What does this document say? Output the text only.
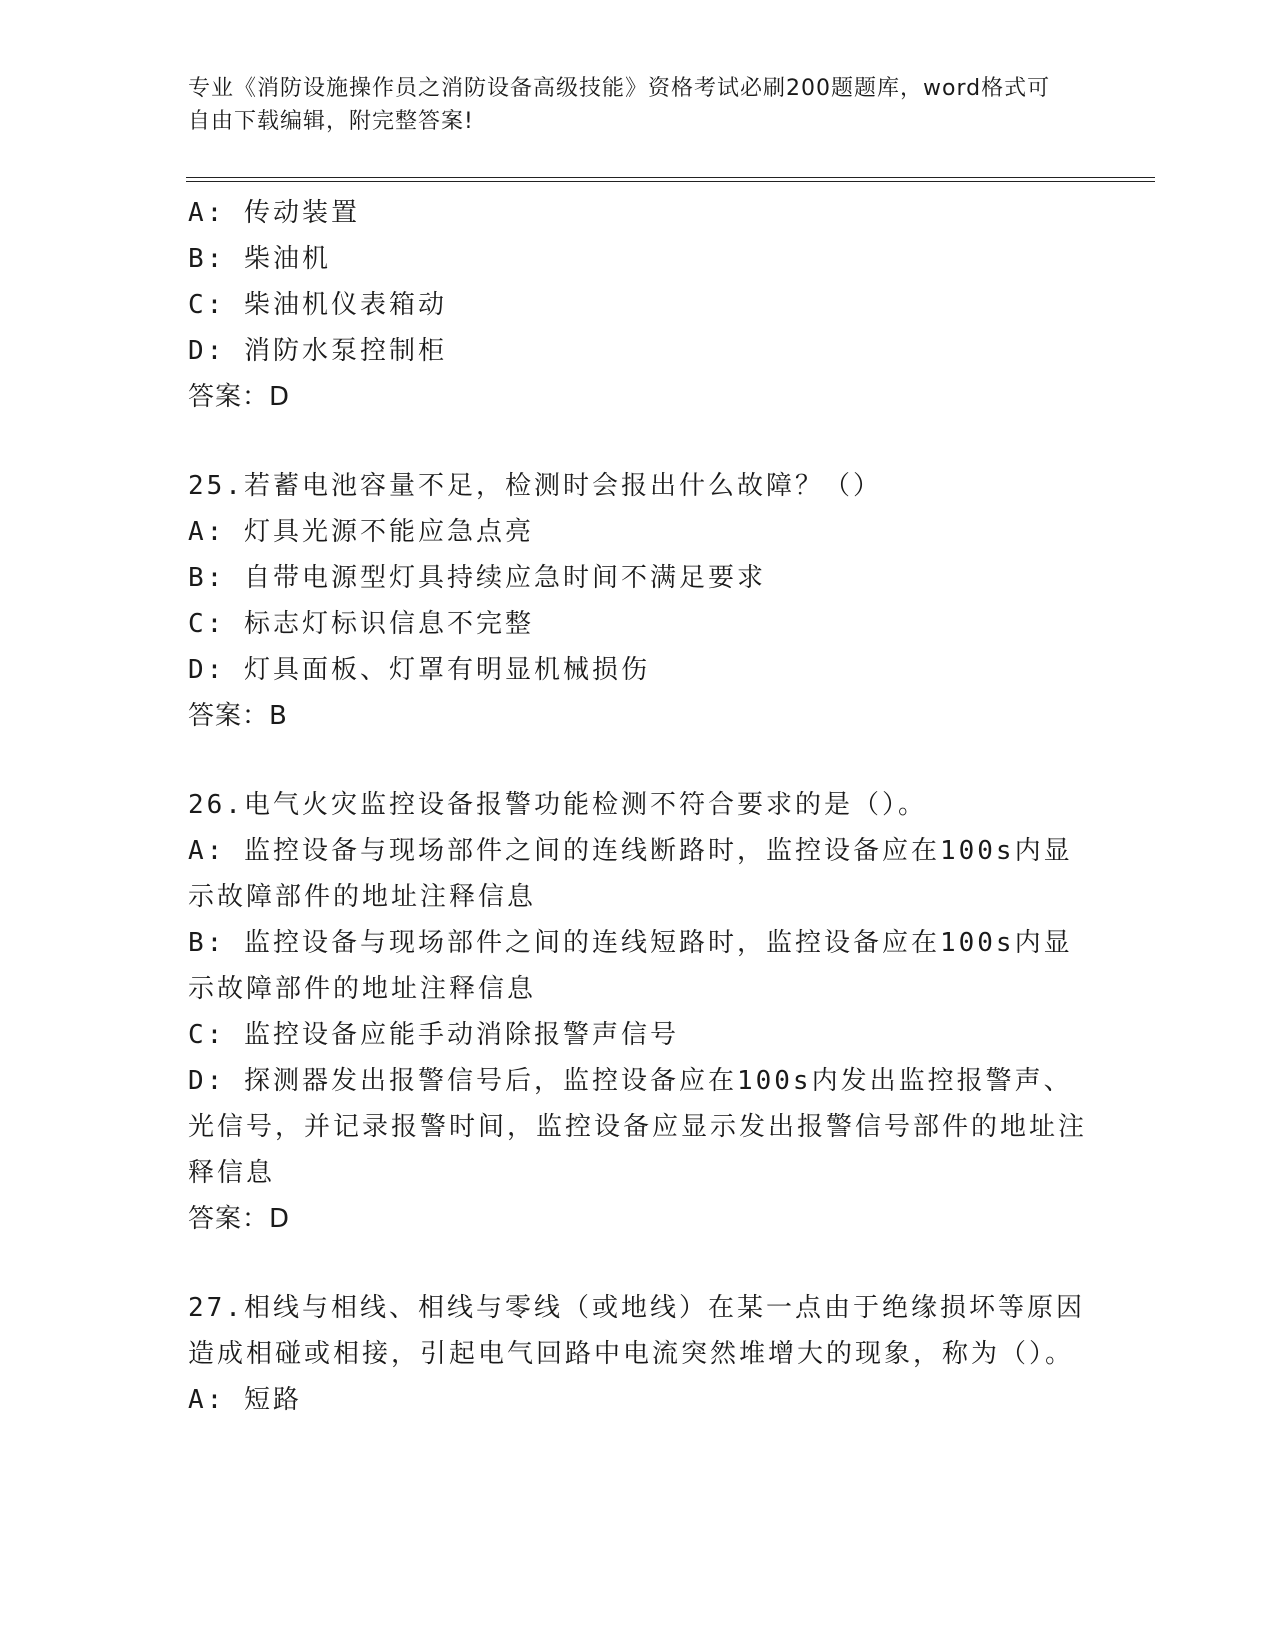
专业《消防设施操作员之消防设备高级技能》资格考试必刷200题题库，word格式可自由下载编辑，附完整答案!

A: 传动装置

B: 柴油机

C: 柴油机仪表箱动

D: 消防水泵控制柜

答案：D

25.若蓄电池容量不足，检测时会报出什么故障？（）

A: 灯具光源不能应急点亮

B: 自带电源型灯具持续应急时间不满足要求

C: 标志灯标识信息不完整

D: 灯具面板、灯罩有明显机械损伤

答案：B

26.电气火灾监控设备报警功能检测不符合要求的是（）。

A: 监控设备与现场部件之间的连线断路时，监控设备应在100s内显示故障部件的地址注释信息

B: 监控设备与现场部件之间的连线短路时，监控设备应在100s内显示故障部件的地址注释信息

C: 监控设备应能手动消除报警声信号

D: 探测器发出报警信号后，监控设备应在100s内发出监控报警声、光信号，并记录报警时间，监控设备应显示发出报警信号部件的地址注释信息

答案：D

27.相线与相线、相线与零线（或地线）在某一点由于绝缘损坏等原因造成相碰或相接，引起电气回路中电流突然堆增大的现象，称为（）。

A: 短路
